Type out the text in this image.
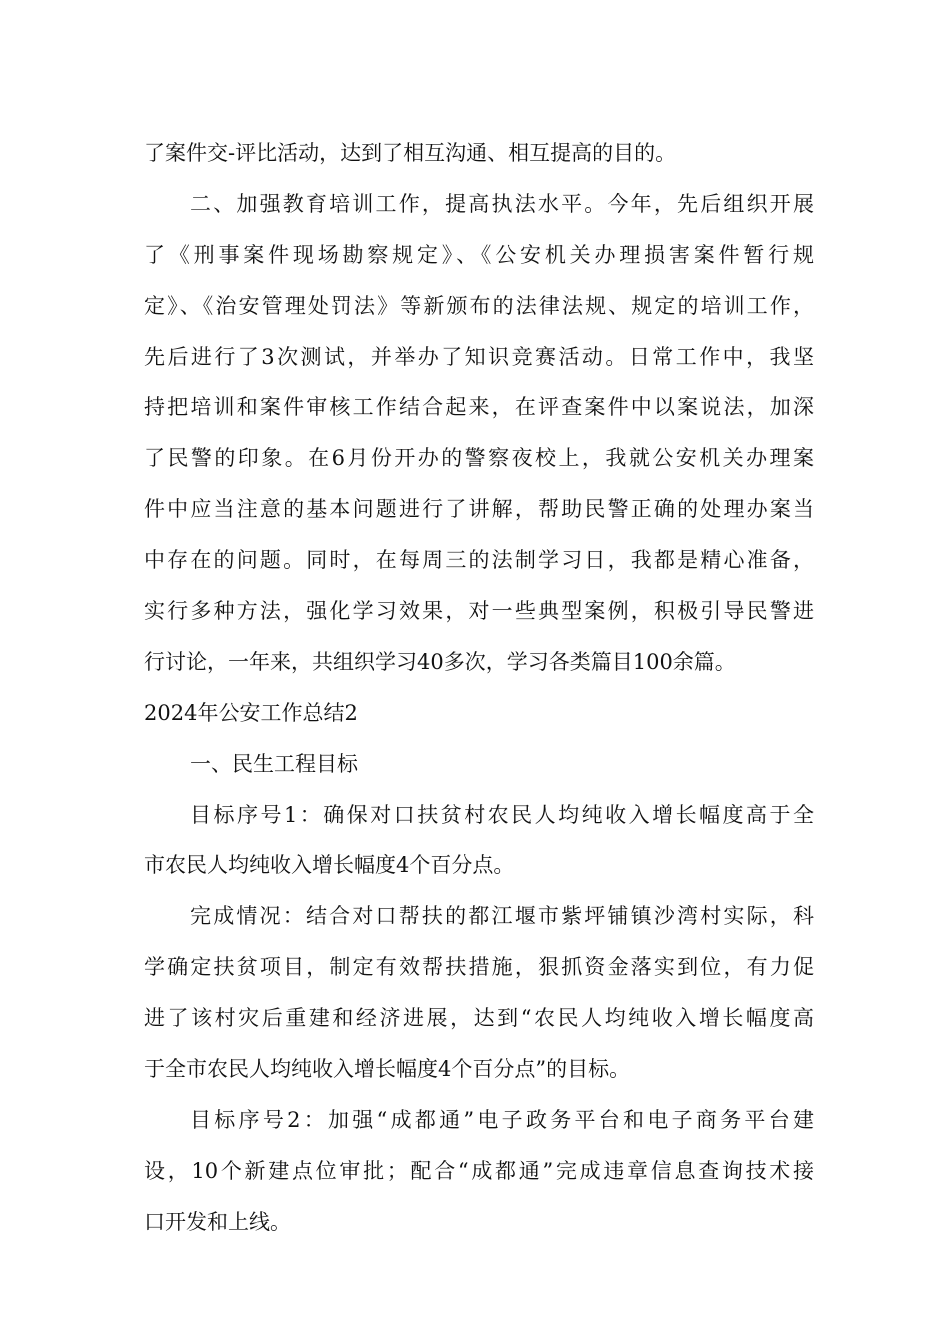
了案件交-评比活动，达到了相互沟通、相互提高的目的。
二、加强教育培训工作，提高执法水平。今年，先后组织开展
了《刑事案件现场勘察规定》、《公安机关办理损害案件暂行规
定》、《治安管理处罚法》等新颁布的法律法规、规定的培训工作，
先后进行了3次测试，并举办了知识竞赛活动。日常工作中，我坚
持把培训和案件审核工作结合起来，在评查案件中以案说法，加深
了民警的印象。在6月份开办的警察夜校上，我就公安机关办理案
件中应当注意的基本问题进行了讲解，帮助民警正确的处理办案当
中存在的问题。同时，在每周三的法制学习日，我都是精心准备，
实行多种方法，强化学习效果，对一些典型案例，积极引导民警进
行讨论，一年来，共组织学习40多次，学习各类篇目100余篇。
2024年公安工作总结2
一、民生工程目标
目标序号1：确保对口扶贫村农民人均纯收入增长幅度高于全
市农民人均纯收入增长幅度4个百分点。
完成情况：结合对口帮扶的都江堰市紫坪铺镇沙湾村实际，科
学确定扶贫项目，制定有效帮扶措施，狠抓资金落实到位，有力促
进了该村灾后重建和经济进展，达到“农民人均纯收入增长幅度高
于全市农民人均纯收入增长幅度4个百分点”的目标。
目标序号2：加强“成都通”电子政务平台和电子商务平台建
设，10个新建点位审批；配合“成都通”完成违章信息查询技术接
口开发和上线。
